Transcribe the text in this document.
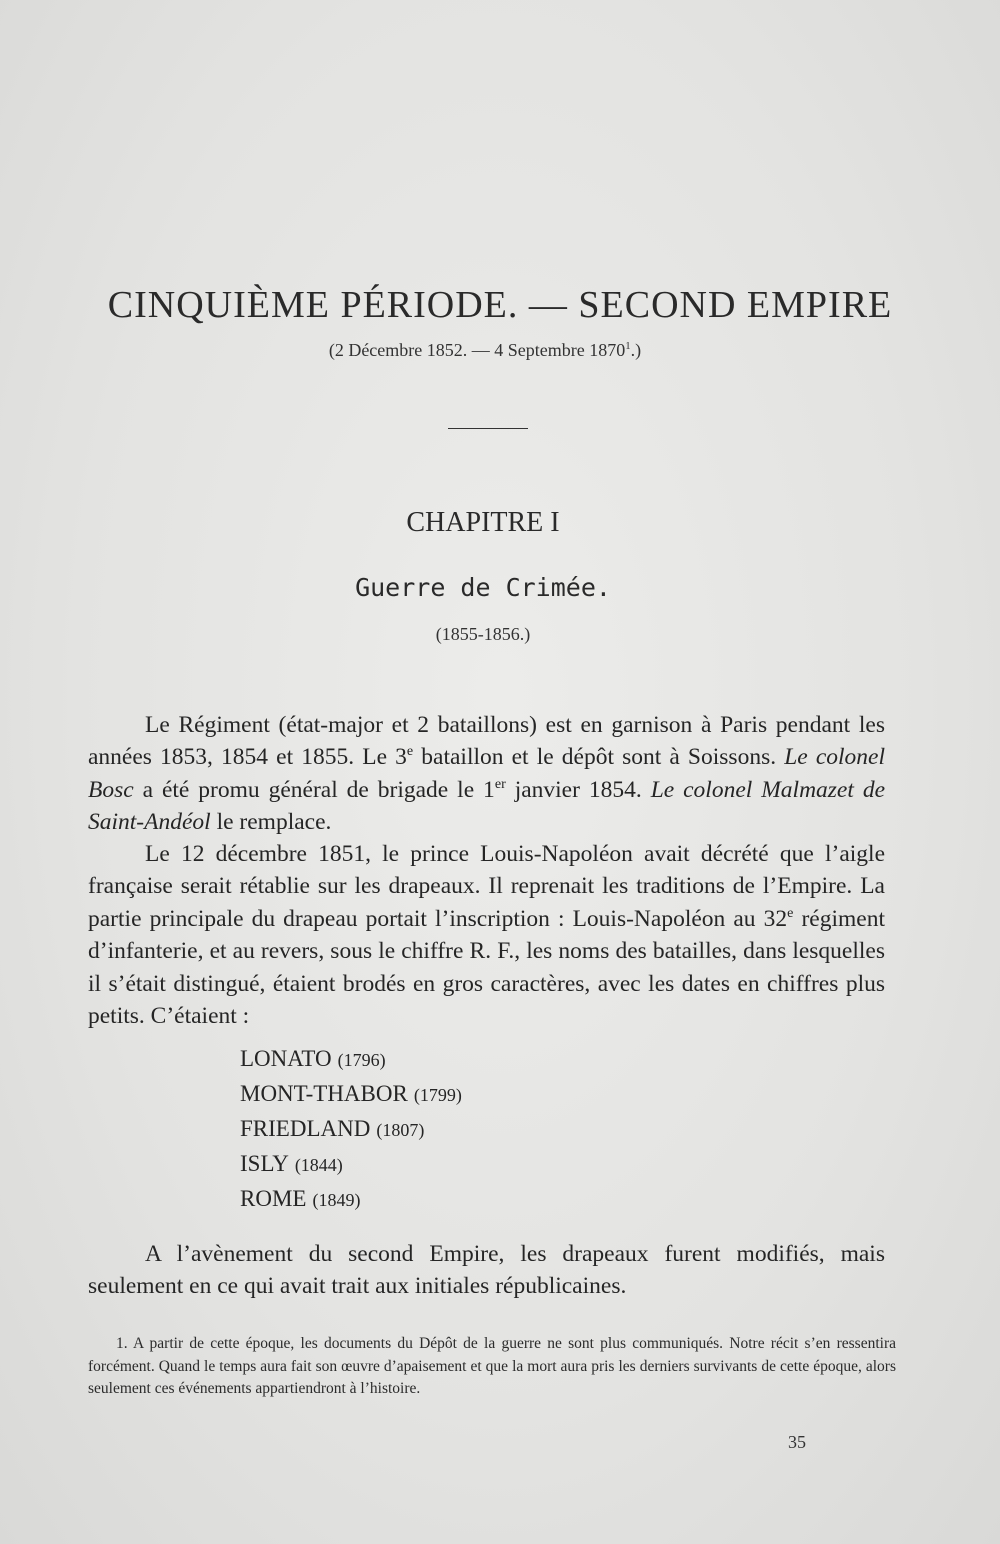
CINQUIÈME PÉRIODE. — SECOND EMPIRE
(2 Décembre 1852. — 4 Septembre 1870$^1$.)
CHAPITRE I
Guerre de Crimée.
(1855-1856.)
Le Régiment (état-major et 2 bataillons) est en garnison à Paris pendant les années 1853, 1854 et 1855. Le 3e bataillon et le dépôt sont à Soissons. Le colonel Bosc a été promu général de brigade le 1er janvier 1854. Le colonel Malmazet de Saint-Andéol le remplace.
Le 12 décembre 1851, le prince Louis-Napoléon avait décrété que l’aigle française serait rétablie sur les drapeaux. Il reprenait les traditions de l’Empire. La partie principale du drapeau portait l’inscription : Louis-Napoléon au 32e régiment d’infanterie, et au revers, sous le chiffre R. F., les noms des batailles, dans lesquelles il s’était distingué, étaient brodés en gros caractères, avec les dates en chiffres plus petits. C’étaient :
LONATO (1796)
MONT-THABOR (1799)
FRIEDLAND (1807)
ISLY (1844)
ROME (1849)
A l’avènement du second Empire, les drapeaux furent modifiés, mais seulement en ce qui avait trait aux initiales républicaines.
1. A partir de cette époque, les documents du Dépôt de la guerre ne sont plus communiqués. Notre récit s’en ressentira forcément. Quand le temps aura fait son œuvre d’apaisement et que la mort aura pris les derniers survivants de cette époque, alors seulement ces événements appartiendront à l’histoire.
35
